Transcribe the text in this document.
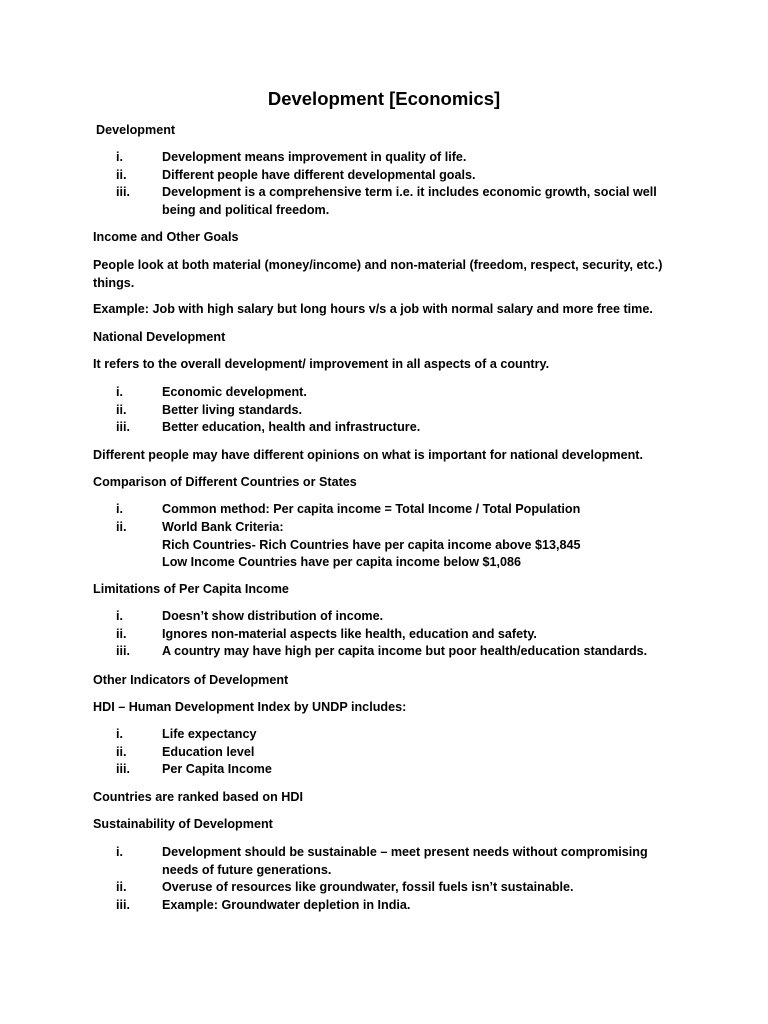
Development [Economics]
Development
i.	Development means improvement in quality of life.
ii.	Different people have different developmental goals.
iii.	Development is a comprehensive term i.e. it includes economic growth, social well being and political freedom.
Income and Other Goals
People look at both material (money/income) and non-material (freedom, respect, security, etc.) things.
Example: Job with high salary but long hours v/s a job with normal salary and more free time.
National Development
It refers to the overall development/ improvement in all aspects of a country.
i.	Economic development.
ii.	Better living standards.
iii.	Better education, health and infrastructure.
Different people may have different opinions on what is important for national development.
Comparison of Different Countries or States
i.	Common method: Per capita income = Total Income / Total Population
ii.	World Bank Criteria:
Rich Countries- Rich Countries have per capita income above $13,845
Low Income Countries have per capita income below $1,086
Limitations of Per Capita Income
i.	Doesn’t show distribution of income.
ii.	Ignores non-material aspects like health, education and safety.
iii.	A country may have high per capita income but poor health/education standards.
Other Indicators of Development
HDI – Human Development Index by UNDP includes:
i.	Life expectancy
ii.	Education level
iii.	Per Capita Income
Countries are ranked based on HDI
Sustainability of Development
i.	Development should be sustainable – meet present needs without compromising needs of future generations.
ii.	Overuse of resources like groundwater, fossil fuels isn’t sustainable.
iii.	Example: Groundwater depletion in India.
